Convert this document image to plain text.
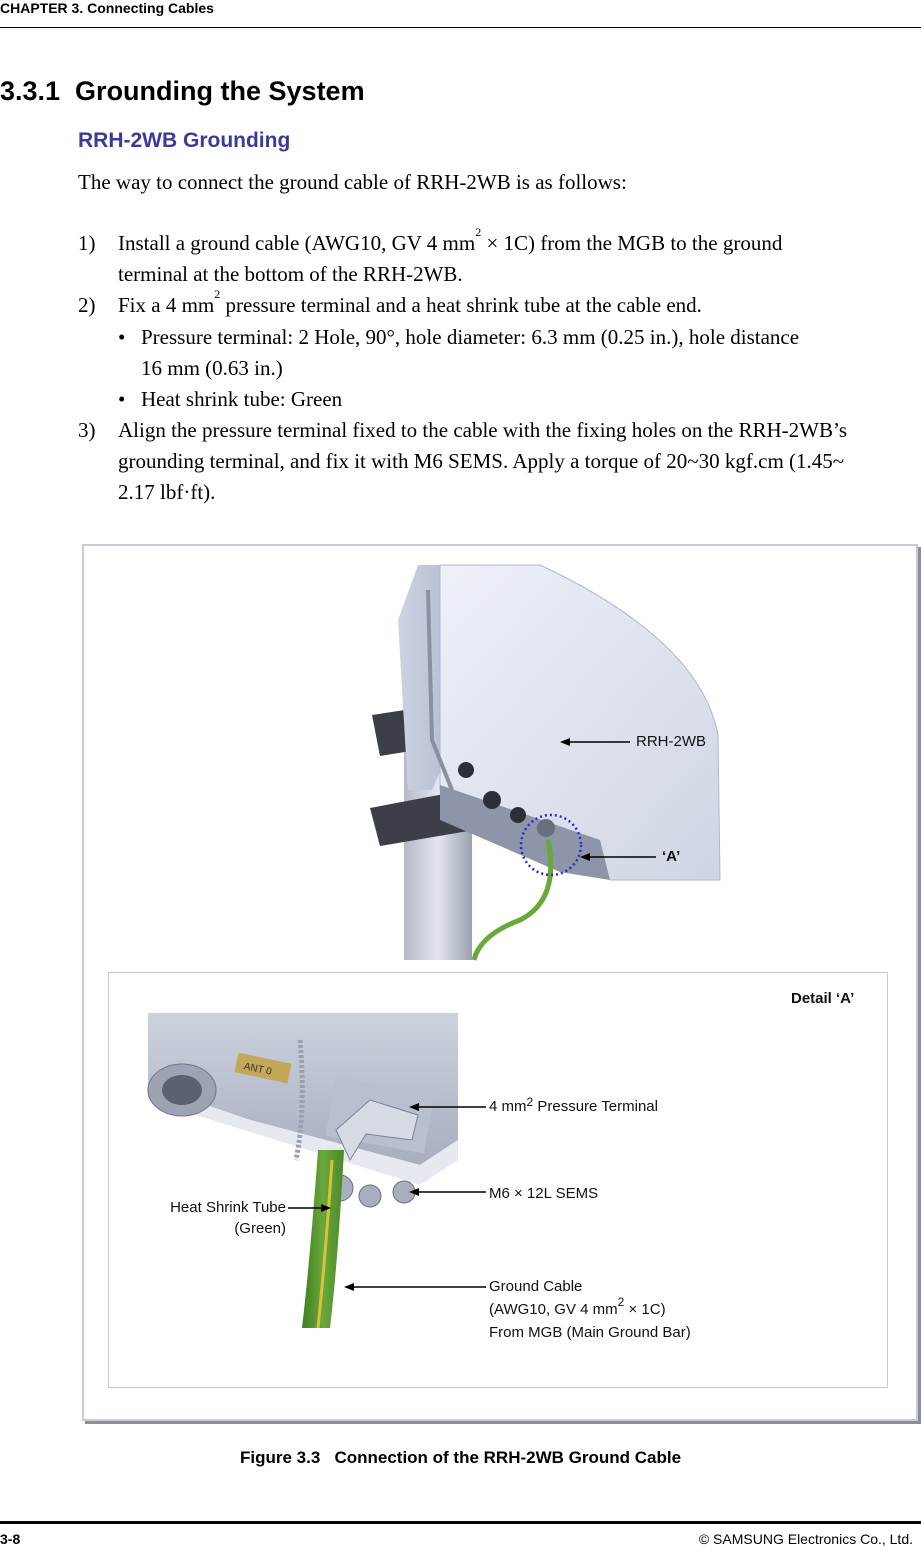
CHAPTER 3. Connecting Cables
3.3.1  Grounding the System
RRH-2WB Grounding
The way to connect the ground cable of RRH-2WB is as follows:
1) Install a ground cable (AWG10, GV 4 $mm^2 \times 1C$) from the MGB to the ground
terminal at the bottom of the RRH-2WB.
2) Fix a 4 $mm^2$ pressure terminal and a heat shrink tube at the cable end.
• Pressure terminal: 2 Hole, 90°, hole diameter: 6.3 mm (0.25 in.), hole distance
16 mm (0.63 in.)
• Heat shrink tube: Green
3) Align the pressure terminal fixed to the cable with the fixing holes on the RRH-2WB’s
grounding terminal, and fix it with M6 SEMS. Apply a torque of 20~30 kgf.cm (1.45~
2.17 lbf·ft).
RRH-2WB
‘A’
Detail ‘A’
ANT 0
4 $mm^2$ Pressure Terminal
M6 × 12L SEMS
Heat Shrink Tube
(Green)
Ground Cable
(AWG10, GV 4 $mm^2 \times 1C$)
From MGB (Main Ground Bar)
Figure 3.3   Connection of the RRH-2WB Ground Cable
3-8	© SAMSUNG Electronics Co., Ltd.
